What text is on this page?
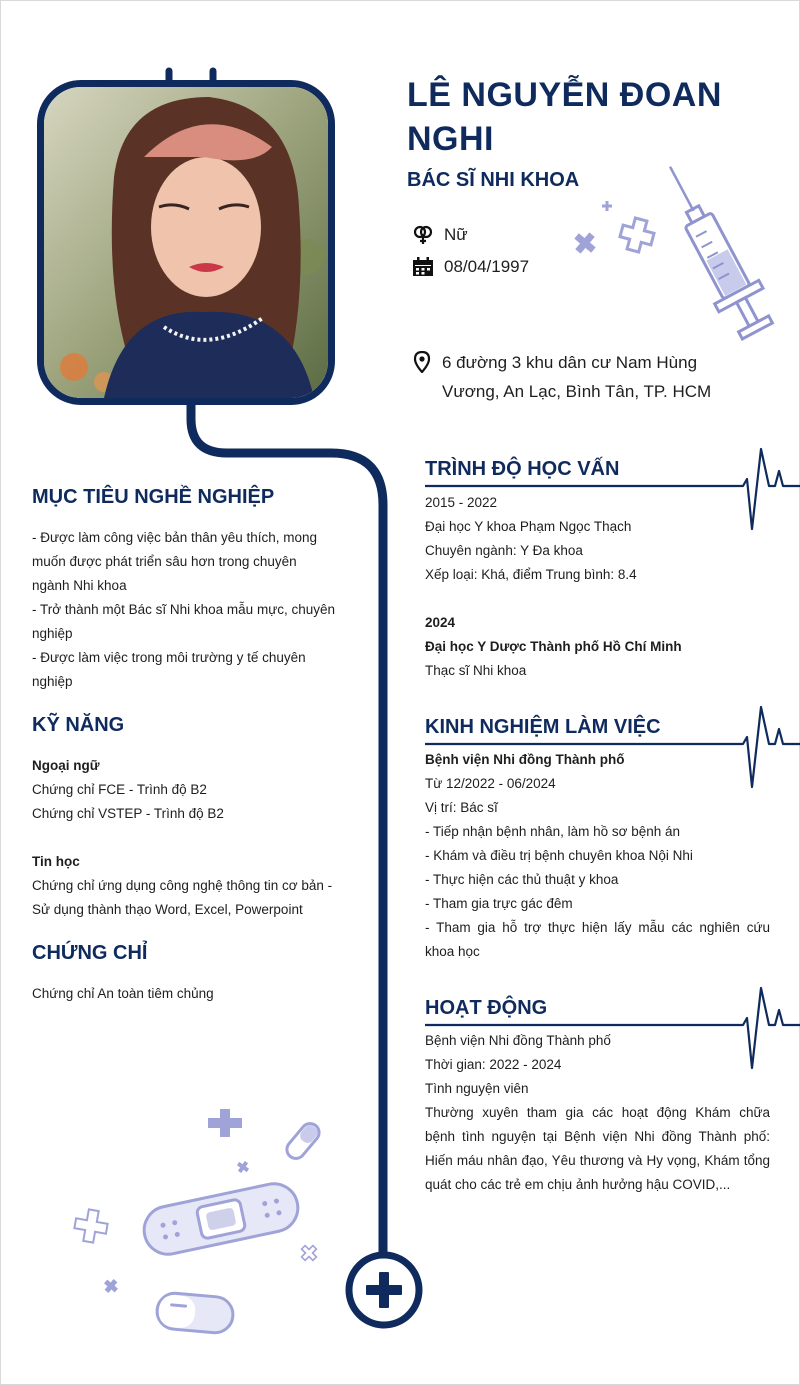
LÊ NGUYỄN ĐOAN
NGHI
BÁC SĨ NHI KHOA
Nữ
08/04/1997
6 đường 3 khu dân cư Nam Hùng
Vương, An Lạc, Bình Tân, TP. HCM
MỤC TIÊU NGHỀ NGHIỆP

- Được làm công việc bản thân yêu thích, mong

muốn được phát triển sâu hơn trong chuyên

ngành Nhi khoa

- Trở thành một Bác sĩ Nhi khoa mẫu mực, chuyên

nghiệp

- Được làm việc trong môi trường y tế chuyên

nghiệp

KỸ NĂNG

Ngoại ngữ

Chứng chỉ FCE - Trình độ B2

Chứng chỉ VSTEP - Trình độ B2

Tin học

Chứng chỉ ứng dụng công nghệ thông tin cơ bản -

Sử dụng thành thạo Word, Excel, Powerpoint

CHỨNG CHỈ

Chứng chỉ An toàn tiêm chủng

TRÌNH ĐỘ HỌC VẤN

2015 - 2022

Đại học Y khoa Phạm Ngọc Thạch

Chuyên ngành: Y Đa khoa

Xếp loại: Khá, điểm Trung bình: 8.4

2024

Đại học Y Dược Thành phố Hồ Chí Minh

Thạc sĩ Nhi khoa

KINH NGHIỆM LÀM VIỆC

Bệnh viện Nhi đồng Thành phố

Từ 12/2022 - 06/2024

Vị trí: Bác sĩ

- Tiếp nhận bệnh nhân, làm hồ sơ bệnh án

- Khám và điều trị bệnh chuyên khoa Nội Nhi

- Thực hiện các thủ thuật y khoa

- Tham gia trực gác đêm

- Tham gia hỗ trợ thực hiện lấy mẫu các nghiên cứu

khoa học

HOẠT ĐỘNG

Bệnh viện Nhi đồng Thành phố

Thời gian: 2022 - 2024

Tình nguyện viên

Thường xuyên tham gia các hoạt động Khám chữa

bệnh tình nguyện tại Bệnh viện Nhi đồng Thành phố:

Hiến máu nhân đạo, Yêu thương và Hy vọng, Khám tổng

quát cho các trẻ em chịu ảnh hưởng hậu COVID,...
